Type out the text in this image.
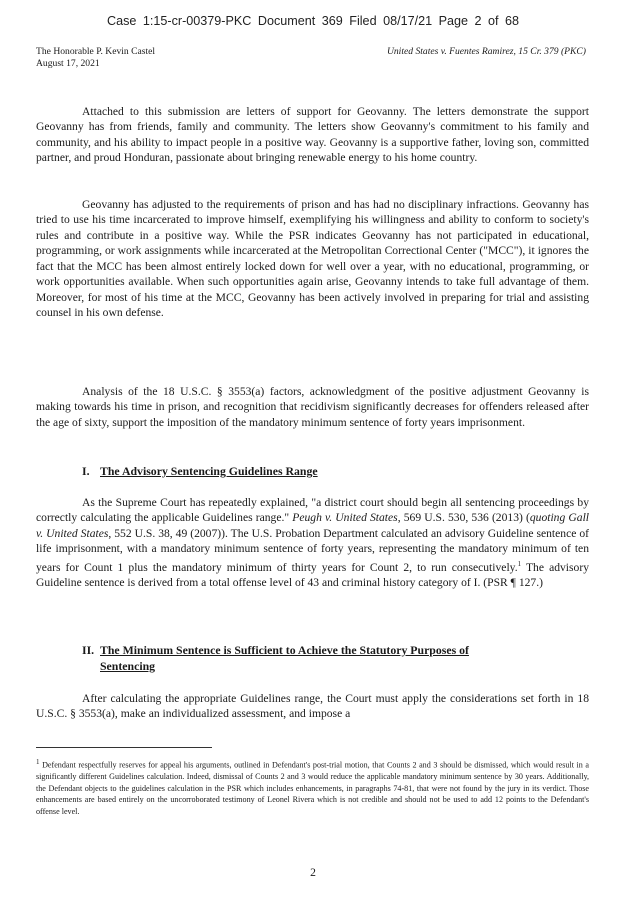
Case 1:15-cr-00379-PKC Document 369 Filed 08/17/21 Page 2 of 68
The Honorable P. Kevin Castel
August 17, 2021
United States v. Fuentes Ramirez, 15 Cr. 379 (PKC)

Attached to this submission are letters of support for Geovanny. The letters demonstrate the support Geovanny has from friends, family and community. The letters show Geovanny's commitment to his family and community, and his ability to impact people in a positive way. Geovanny is a supportive father, loving son, committed partner, and proud Honduran, passionate about bringing renewable energy to his home country.

Geovanny has adjusted to the requirements of prison and has had no disciplinary infractions. Geovanny has tried to use his time incarcerated to improve himself, exemplifying his willingness and ability to conform to society's rules and contribute in a positive way. While the PSR indicates Geovanny has not participated in educational, programming, or work assignments while incarcerated at the Metropolitan Correctional Center ("MCC"), it ignores the fact that the MCC has been almost entirely locked down for well over a year, with no educational, programming, or work opportunities available. When such opportunities again arise, Geovanny intends to take full advantage of them. Moreover, for most of his time at the MCC, Geovanny has been actively involved in preparing for trial and assisting counsel in his own defense.

Analysis of the 18 U.S.C. § 3553(a) factors, acknowledgment of the positive adjustment Geovanny is making towards his time in prison, and recognition that recidivism significantly decreases for offenders released after the age of sixty, support the imposition of the mandatory minimum sentence of forty years imprisonment.

I. The Advisory Sentencing Guidelines Range

As the Supreme Court has repeatedly explained, "a district court should begin all sentencing proceedings by correctly calculating the applicable Guidelines range." Peugh v. United States, 569 U.S. 530, 536 (2013) (quoting Gall v. United States, 552 U.S. 38, 49 (2007)). The U.S. Probation Department calculated an advisory Guideline sentence of life imprisonment, with a mandatory minimum sentence of forty years, representing the mandatory minimum of ten years for Count 1 plus the mandatory minimum of thirty years for Count 2, to run consecutively.$^1$ The advisory Guideline sentence is derived from a total offense level of 43 and criminal history category of I. (PSR ¶ 127.)

II. The Minimum Sentence is Sufficient to Achieve the Statutory Purposes of
Sentencing

After calculating the appropriate Guidelines range, the Court must apply the considerations set forth in 18 U.S.C. § 3553(a), make an individualized assessment, and impose a

$^1$ Defendant respectfully reserves for appeal his arguments, outlined in Defendant's post-trial motion, that Counts 2 and 3 should be dismissed, which would result in a significantly different Guidelines calculation. Indeed, dismissal of Counts 2 and 3 would reduce the applicable mandatory minimum sentence by 30 years. Additionally, the Defendant objects to the guidelines calculation in the PSR which includes enhancements, in paragraphs 74-81, that were not found by the jury in its verdict. Those enhancements are based entirely on the uncorroborated testimony of Leonel Rivera which is not credible and should not be used to add 12 points to the Defendant's offense level.
2
